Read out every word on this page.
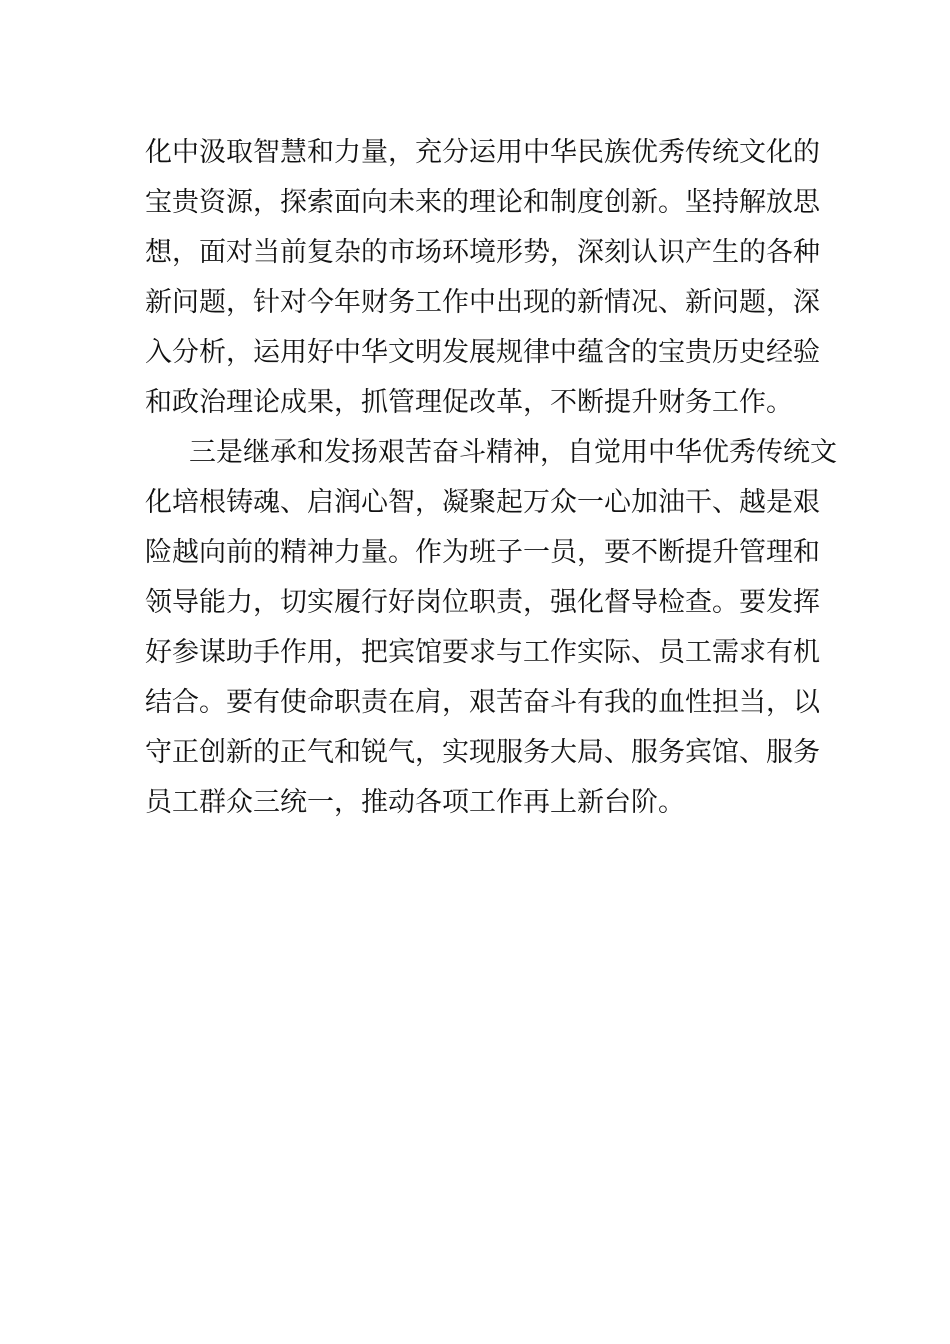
化中汲取智慧和力量，充分运用中华民族优秀传统文化的
宝贵资源，探索面向未来的理论和制度创新。坚持解放思
想，面对当前复杂的市场环境形势，深刻认识产生的各种
新问题，针对今年财务工作中出现的新情况、新问题，深
入分析，运用好中华文明发展规律中蕴含的宝贵历史经验
和政治理论成果，抓管理促改革，不断提升财务工作。

三是继承和发扬艰苦奋斗精神，自觉用中华优秀传统文
化培根铸魂、启润心智，凝聚起万众一心加油干、越是艰
险越向前的精神力量。作为班子一员，要不断提升管理和
领导能力，切实履行好岗位职责，强化督导检查。要发挥
好参谋助手作用，把宾馆要求与工作实际、员工需求有机
结合。要有使命职责在肩，艰苦奋斗有我的血性担当，以
守正创新的正气和锐气，实现服务大局、服务宾馆、服务
员工群众三统一，推动各项工作再上新台阶。
